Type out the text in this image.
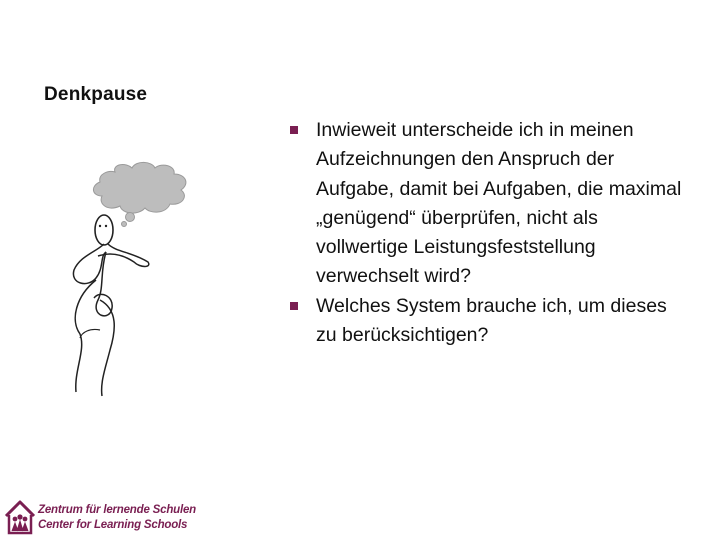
Denkpause
Inwieweit unterscheide ich in meinen Aufzeichnungen den Anspruch der Aufgabe, damit bei Aufgaben, die maximal „genügend“ überprüfen, nicht als vollwertige Leistungsfeststellung verwechselt wird?
Welches System brauche ich, um dieses zu berücksichtigen?
Zentrum für lernende Schulen
Center for Learning Schools
